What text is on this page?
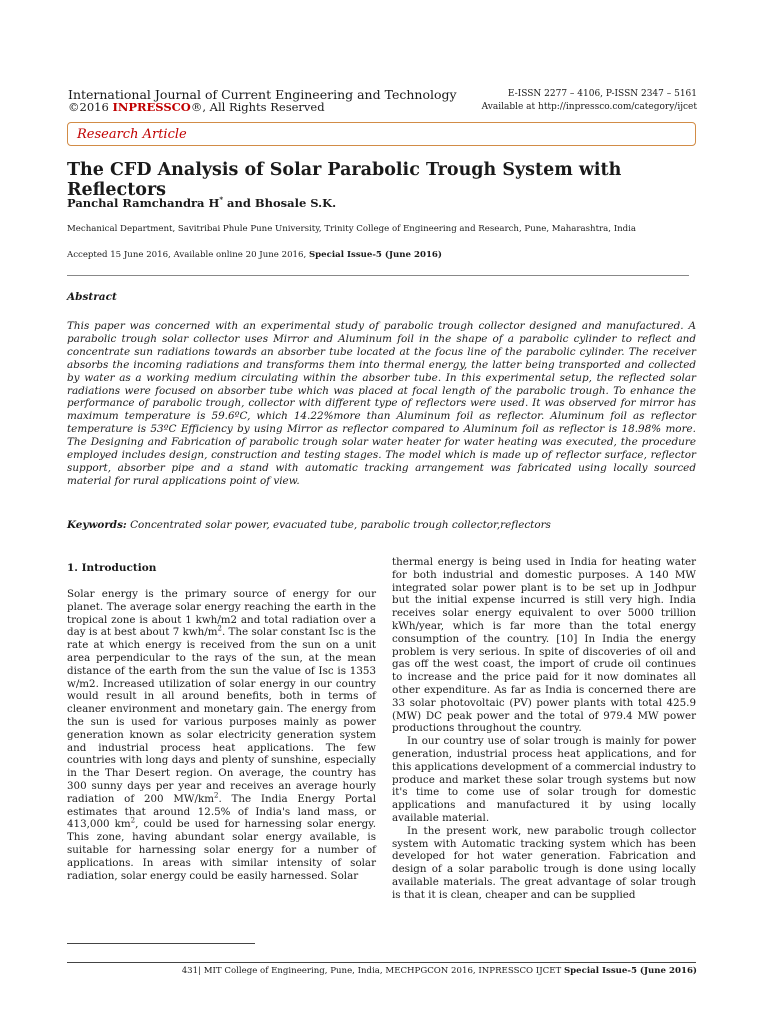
International Journal of Current Engineering and Technology
©2016 INPRESSCO®, All Rights Reserved
E-ISSN 2277 – 4106, P-ISSN 2347 – 5161
Available at http://inpressco.com/category/ijcet
Research Article
The CFD Analysis of Solar Parabolic Trough System with Reflectors
Panchal Ramchandra H* and Bhosale S.K.
Mechanical Department, Savitribai Phule Pune University, Trinity College of Engineering and Research, Pune, Maharashtra, India
Accepted 15 June 2016, Available online 20 June 2016, Special Issue-5 (June 2016)
Abstract
This paper was concerned with an experimental study of parabolic trough collector designed and manufactured. A parabolic trough solar collector uses Mirror and Aluminum foil in the shape of a parabolic cylinder to reflect and concentrate sun radiations towards an absorber tube located at the focus line of the parabolic cylinder. The receiver absorbs the incoming radiations and transforms them into thermal energy, the latter being transported and collected by water as a working medium circulating within the absorber tube. In this experimental setup, the reflected solar radiations were focused on absorber tube which was placed at focal length of the parabolic trough. To enhance the performance of parabolic trough, collector with different type of reflectors were used. It was observed for mirror has maximum temperature is 59.6ºC, which 14.22%more than Aluminum foil as reflector. Aluminum foil as reflector temperature is 53ºC Efficiency by using Mirror as reflector compared to Aluminum foil as reflector is 18.98% more. The Designing and Fabrication of parabolic trough solar water heater for water heating was executed, the procedure employed includes design, construction and testing stages. The model which is made up of reflector surface, reflector support, absorber pipe and a stand with automatic tracking arrangement was fabricated using locally sourced material for rural applications point of view.
Keywords: Concentrated solar power, evacuated tube, parabolic trough collector,reflectors
1. Introduction

Solar energy is the primary source of energy for our planet. The average solar energy reaching the earth in the tropical zone is about 1 kwh/m2 and total radiation over a day is at best about 7 kwh/$m^2$. The solar constant Isc is the rate at which energy is received from the sun on a unit area perpendicular to the rays of the sun, at the mean distance of the earth from the sun the value of Isc is 1353 w/m2. Increased utilization of solar energy in our country would result in all around benefits, both in terms of cleaner environment and monetary gain. The energy from the sun is used for various purposes mainly as power generation known as solar electricity generation system and industrial process heat applications. The few countries with long days and plenty of sunshine, especially in the Thar Desert region. On average, the country has 300 sunny days per year and receives an average hourly radiation of 200 $MW/km^2$. The India Energy Portal estimates that around 12.5% of India's land mass, or 413,000 $km^2$, could be used for harnessing solar energy. This zone, having abundant solar energy available, is suitable for harnessing solar energy for a number of applications. In areas with similar intensity of solar radiation, solar energy could be easily harnessed. Solar

thermal energy is being used in India for heating water for both industrial and domestic purposes. A 140 MW integrated solar power plant is to be set up in Jodhpur but the initial expense incurred is still very high. India receives solar energy equivalent to over 5000 trillion kWh/year, which is far more than the total energy consumption of the country. [10] In India the energy problem is very serious. In spite of discoveries of oil and gas off the west coast, the import of crude oil continues to increase and the price paid for it now dominates all other expenditure. As far as India is concerned there are 33 solar photovoltaic (PV) power plants with total 425.9 (MW) DC peak power and the total of 979.4 MW power productions throughout the country.

In our country use of solar trough is mainly for power generation, industrial process heat applications, and for this applications development of a commercial industry to produce and market these solar trough systems but now it's time to come use of solar trough for domestic applications and manufactured it by using locally available material.

In the present work, new parabolic trough collector system with Automatic tracking system which has been developed for hot water generation. Fabrication and design of a solar parabolic trough is done using locally available materials. The great advantage of solar trough is that it is clean, cheaper and can be supplied

431| MIT College of Engineering, Pune, India, MECHPGCON 2016, INPRESSCO IJCET Special Issue-5 (June 2016)
